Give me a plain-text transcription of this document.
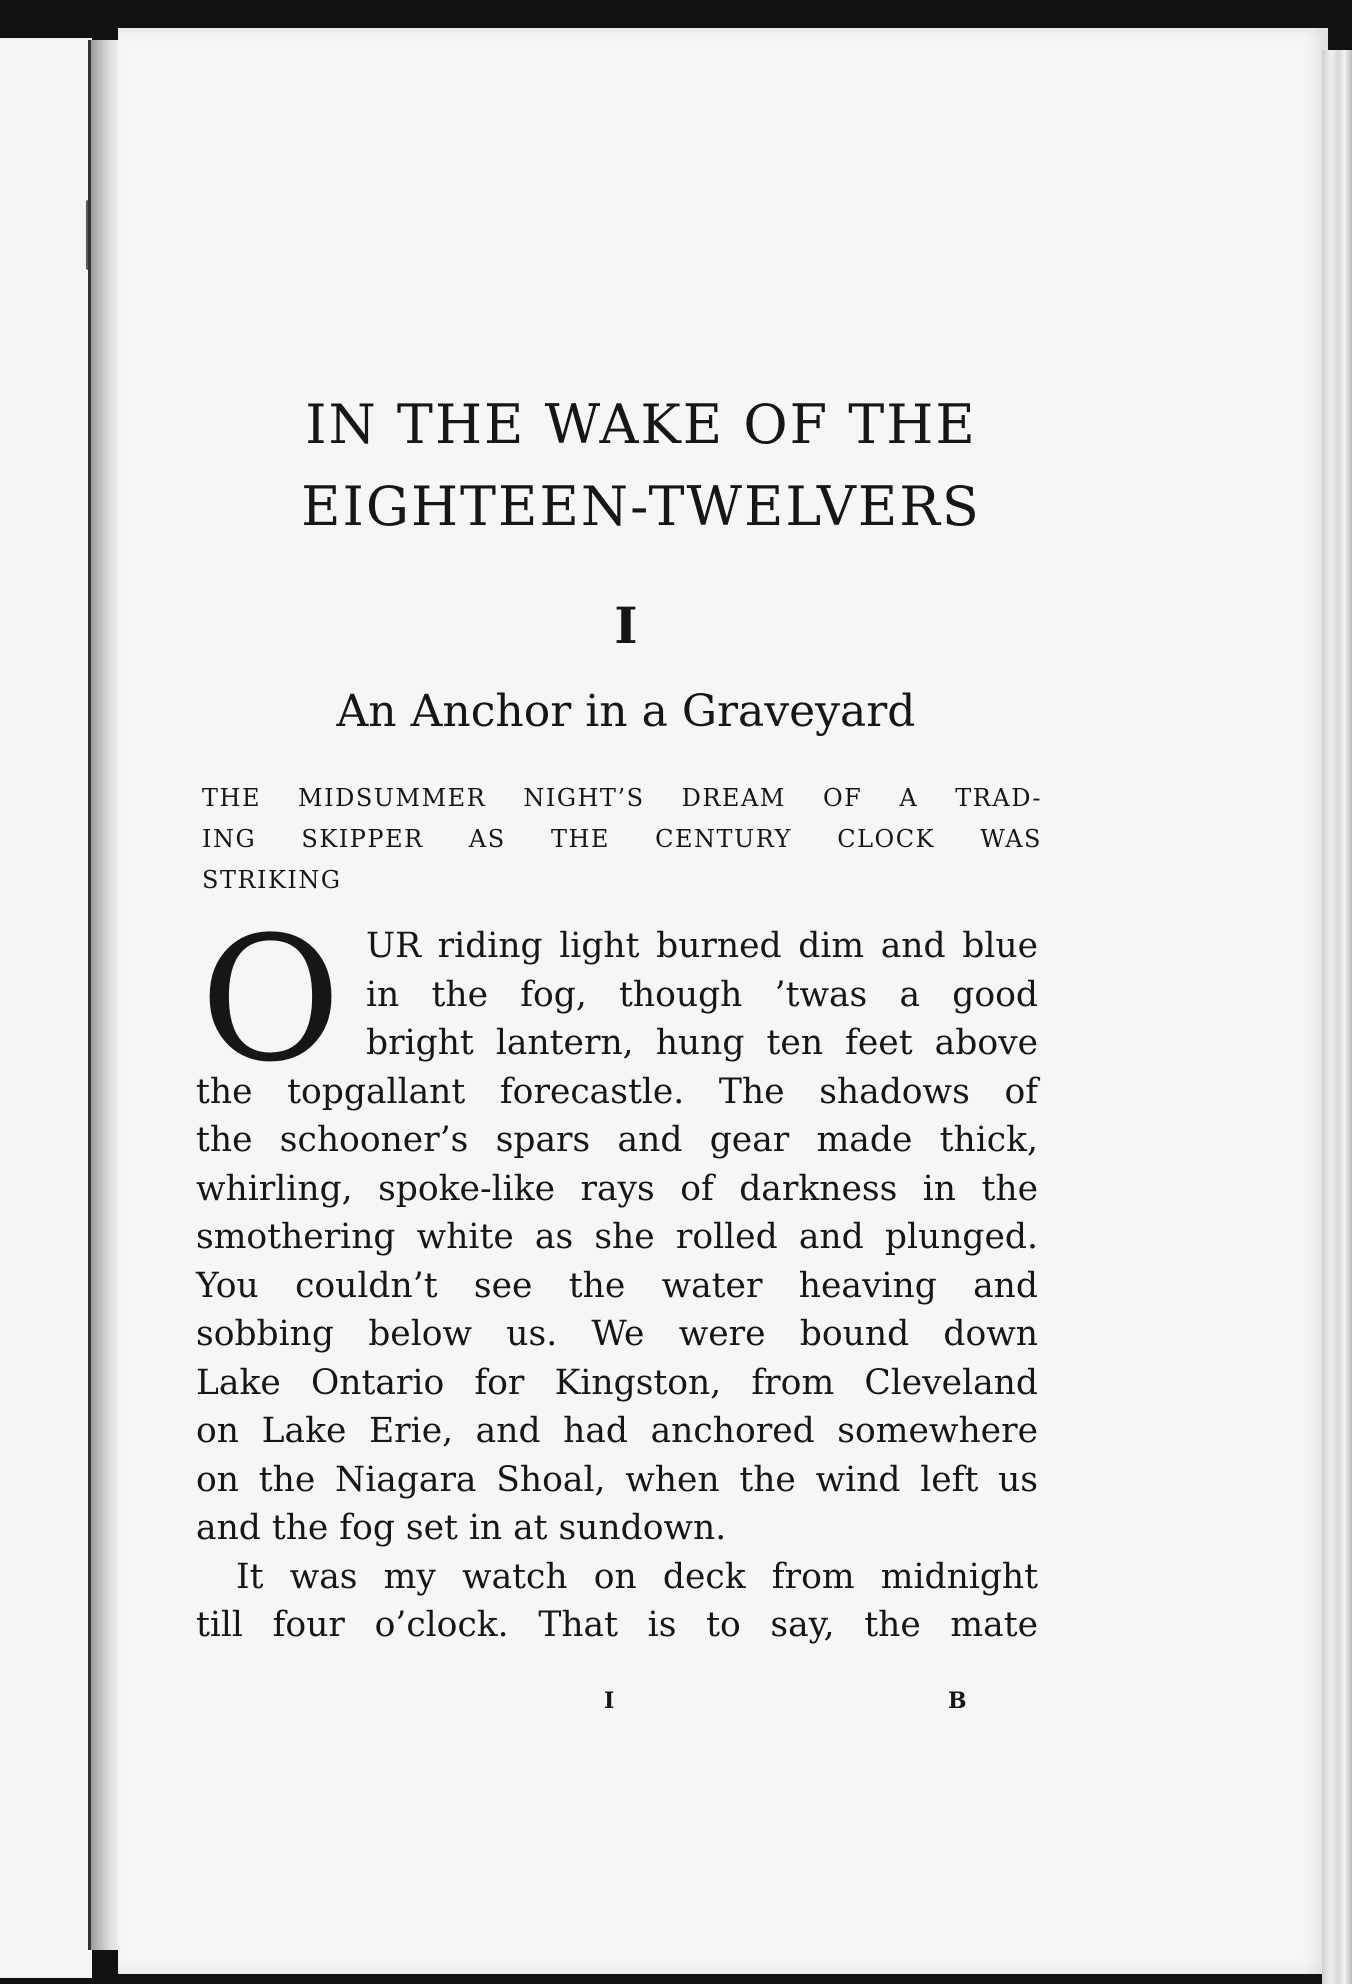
IN THE WAKE OF THE
EIGHTEEN-TWELVERS
I
An Anchor in a Graveyard

THE MIDSUMMER NIGHT’S DREAM OF A TRAD-
ING SKIPPER AS THE CENTURY CLOCK WAS
STRIKING

O UR riding light burned dim and blue
in the fog, though ’twas a good
bright lantern, hung ten feet above
the topgallant forecastle. The shadows of
the schooner’s spars and gear made thick,
whirling, spoke-like rays of darkness in the
smothering white as she rolled and plunged.
You couldn’t see the water heaving and
sobbing below us. We were bound down
Lake Ontario for Kingston, from Cleveland
on Lake Erie, and had anchored somewhere
on the Niagara Shoal, when the wind left us
and the fog set in at sundown.
It was my watch on deck from midnight
till four o’clock. That is to say, the mate
I	B
